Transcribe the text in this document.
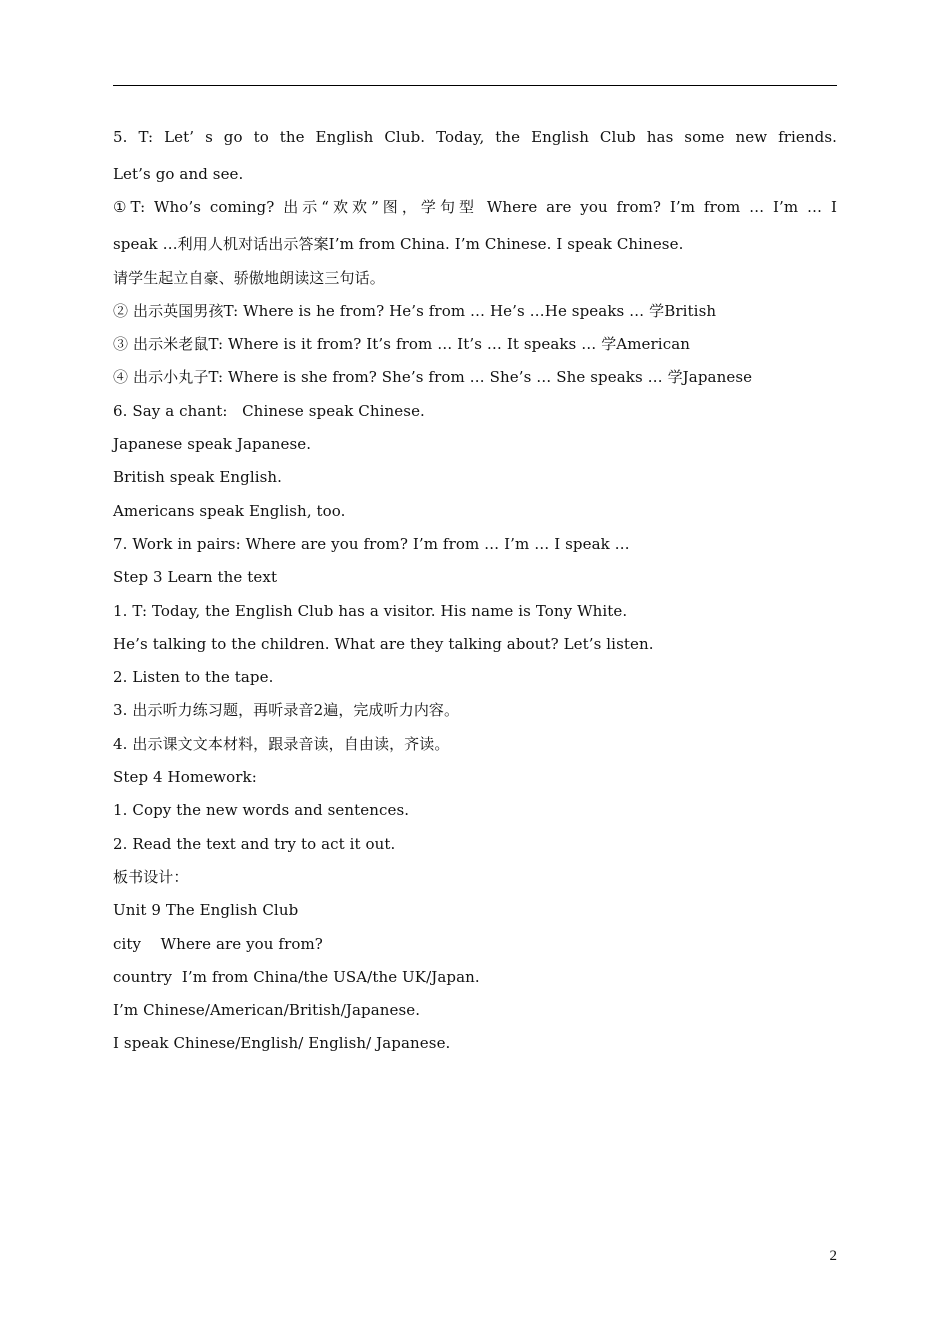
5. T: Let’ s go to the English Club. Today, the English Club has some new friends.
Let’s go and see.
①T: Who’s coming? 出示“欢欢”图，学句型 Where are you from? I’m from … I’m … I
speak …利用人机对话出示答案I’m from China. I’m Chinese. I speak Chinese.
请学生起立自豪、骄傲地朗读这三句话。
② 出示英国男孩T: Where is he from? He’s from … He’s …He speaks … 学British
③ 出示米老鼠T: Where is it from? It’s from … It’s … It speaks … 学American
④ 出示小丸子T: Where is she from? She’s from … She’s … She speaks … 学Japanese
6. Say a chant:   Chinese speak Chinese.
Japanese speak Japanese.
British speak English.
Americans speak English, too.
7. Work in pairs: Where are you from? I’m from … I’m … I speak …
Step 3 Learn the text
1. T: Today, the English Club has a visitor. His name is Tony White.
He’s talking to the children. What are they talking about? Let’s listen.
2. Listen to the tape.
3. 出示听力练习题，再听录音2遍，完成听力内容。
4. 出示课文文本材料，跟录音读，自由读，齐读。
Step 4 Homework:
1. Copy the new words and sentences.
2. Read the text and try to act it out.
板书设计：
Unit 9 The English Club
city    Where are you from?
country  I’m from China/the USA/the UK/Japan.
I’m Chinese/American/British/Japanese.
I speak Chinese/English/ English/ Japanese.
2
